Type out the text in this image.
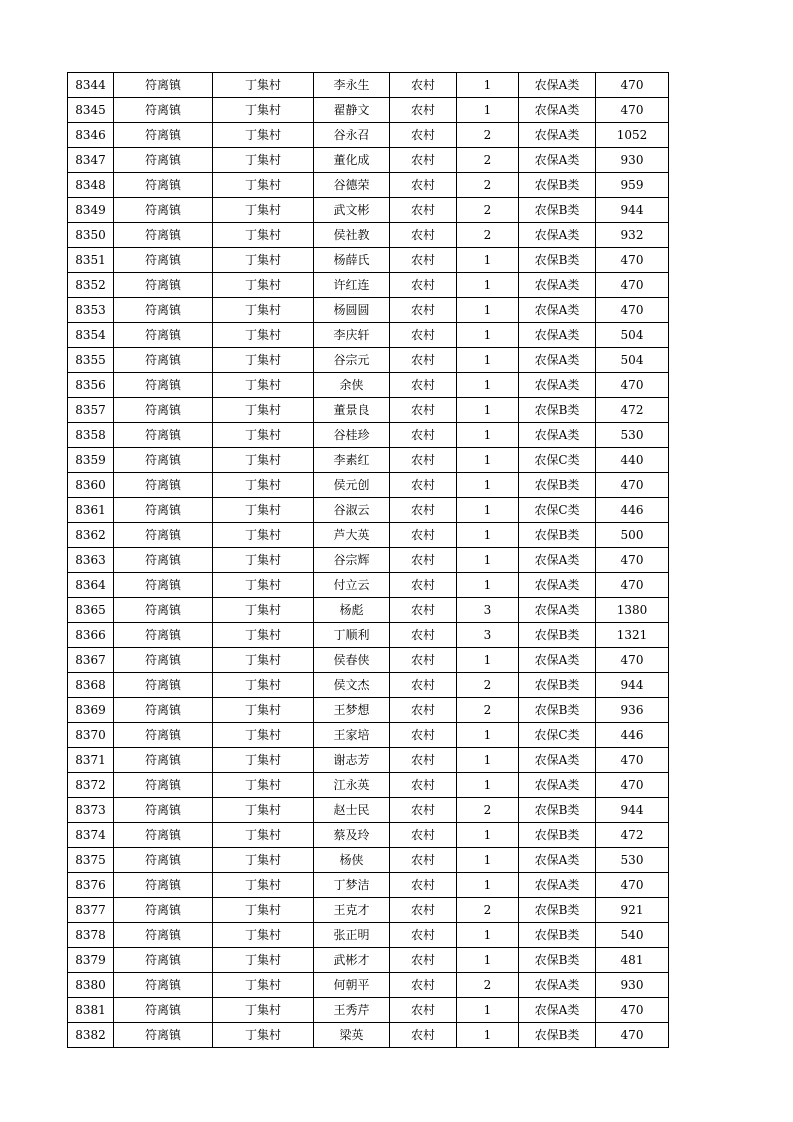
8344	符离镇	丁集村	李永生	农村	1	农保A类	470
8345	符离镇	丁集村	翟静文	农村	1	农保A类	470
8346	符离镇	丁集村	谷永召	农村	2	农保A类	1052
8347	符离镇	丁集村	董化成	农村	2	农保A类	930
8348	符离镇	丁集村	谷德荣	农村	2	农保B类	959
8349	符离镇	丁集村	武文彬	农村	2	农保B类	944
8350	符离镇	丁集村	侯社教	农村	2	农保A类	932
8351	符离镇	丁集村	杨薛氏	农村	1	农保B类	470
8352	符离镇	丁集村	许红连	农村	1	农保A类	470
8353	符离镇	丁集村	杨圆圆	农村	1	农保A类	470
8354	符离镇	丁集村	李庆轩	农村	1	农保A类	504
8355	符离镇	丁集村	谷宗元	农村	1	农保A类	504
8356	符离镇	丁集村	余侠	农村	1	农保A类	470
8357	符离镇	丁集村	董景良	农村	1	农保B类	472
8358	符离镇	丁集村	谷桂珍	农村	1	农保A类	530
8359	符离镇	丁集村	李素红	农村	1	农保C类	440
8360	符离镇	丁集村	侯元创	农村	1	农保B类	470
8361	符离镇	丁集村	谷淑云	农村	1	农保C类	446
8362	符离镇	丁集村	芦大英	农村	1	农保B类	500
8363	符离镇	丁集村	谷宗辉	农村	1	农保A类	470
8364	符离镇	丁集村	付立云	农村	1	农保A类	470
8365	符离镇	丁集村	杨彪	农村	3	农保A类	1380
8366	符离镇	丁集村	丁顺利	农村	3	农保B类	1321
8367	符离镇	丁集村	侯春侠	农村	1	农保A类	470
8368	符离镇	丁集村	侯文杰	农村	2	农保B类	944
8369	符离镇	丁集村	王梦想	农村	2	农保B类	936
8370	符离镇	丁集村	王家培	农村	1	农保C类	446
8371	符离镇	丁集村	谢志芳	农村	1	农保A类	470
8372	符离镇	丁集村	江永英	农村	1	农保A类	470
8373	符离镇	丁集村	赵士民	农村	2	农保B类	944
8374	符离镇	丁集村	蔡及玲	农村	1	农保B类	472
8375	符离镇	丁集村	杨侠	农村	1	农保A类	530
8376	符离镇	丁集村	丁梦洁	农村	1	农保A类	470
8377	符离镇	丁集村	王克才	农村	2	农保B类	921
8378	符离镇	丁集村	张正明	农村	1	农保B类	540
8379	符离镇	丁集村	武彬才	农村	1	农保B类	481
8380	符离镇	丁集村	何朝平	农村	2	农保A类	930
8381	符离镇	丁集村	王秀芹	农村	1	农保A类	470
8382	符离镇	丁集村	梁英	农村	1	农保B类	470
